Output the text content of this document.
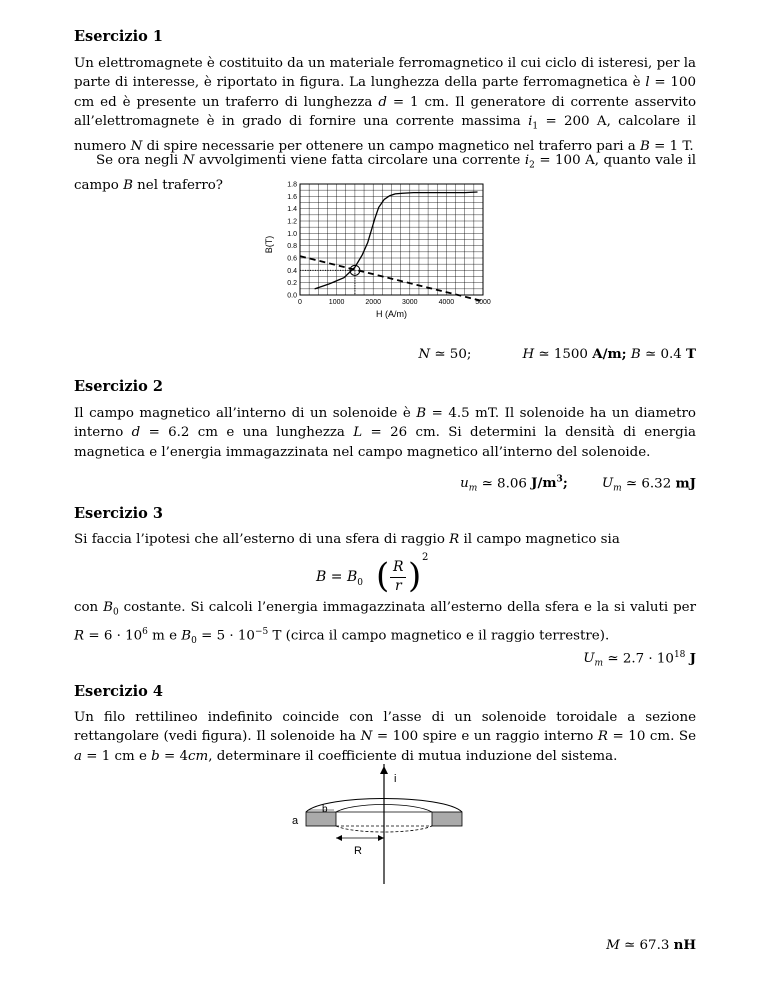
Esercizio 1

Un elettromagnete è costituito da un materiale ferromagnetico il cui ciclo di isteresi, per la parte di interesse, è riportato in figura. La lunghezza della parte ferromagnetica è l = 100 cm ed è presente un traferro di lunghezza d = 1 cm. Il generatore di corrente asservito all’elettromagnete è in grado di fornire una corrente massima $i_1 = 200$ A, calcolare il numero N di spire necessarie per ottenere un campo magnetico nel traferro pari a B = 1 T.

Se ora negli N avvolgimenti viene fatta circolare una corrente $i_2 = 100$ A, quanto vale il campo B nel traferro?

0	1000	2000	3000	4000	5000
0.0
0.2
0.4
0.6
0.8
1.0
1.2
1.4
1.6
1.8
H (A/m)
B(T)

N ≃ 50;            H ≃ 1500 A/m; B ≃ 0.4 T

Esercizio 2

Il campo magnetico all’interno di un solenoide è B = 4.5 mT. Il solenoide ha un diametro interno d = 6.2 cm e una lunghezza L = 26 cm. Si determini la densità di energia magnetica e l’energia immagazzinata nel campo magnetico all’interno del solenoide.

$u_m$ ≃ 8.06 $J/m^3$;	$U_m$ ≃ 6.32 mJ

Esercizio 3

Si faccia l’ipotesi che all’esterno di una sfera di raggio R il campo magnetico sia

$B = B_0$ ( R
r ) 2

con $B_0$ costante. Si calcoli l’energia immagazzinata all’esterno della sfera e la si valuti per $R = 6 \cdot 10^6$ m e $B_0 = 5 \cdot 10^{-5}$ T (circa il campo magnetico e il raggio terrestre).

$U_m$ ≃ $2.7 \cdot 10^{18}$ J

Esercizio 4

Un filo rettilineo indefinito coincide con l’asse di un solenoide toroidale a sezione rettangolare (vedi figura). Il solenoide ha N = 100 spire e un raggio interno R = 10 cm. Se a = 1 cm e b = 4cm, determinare il coefficiente di mutua induzione del sistema.

i
b
a
R

M ≃ 67.3 nH
